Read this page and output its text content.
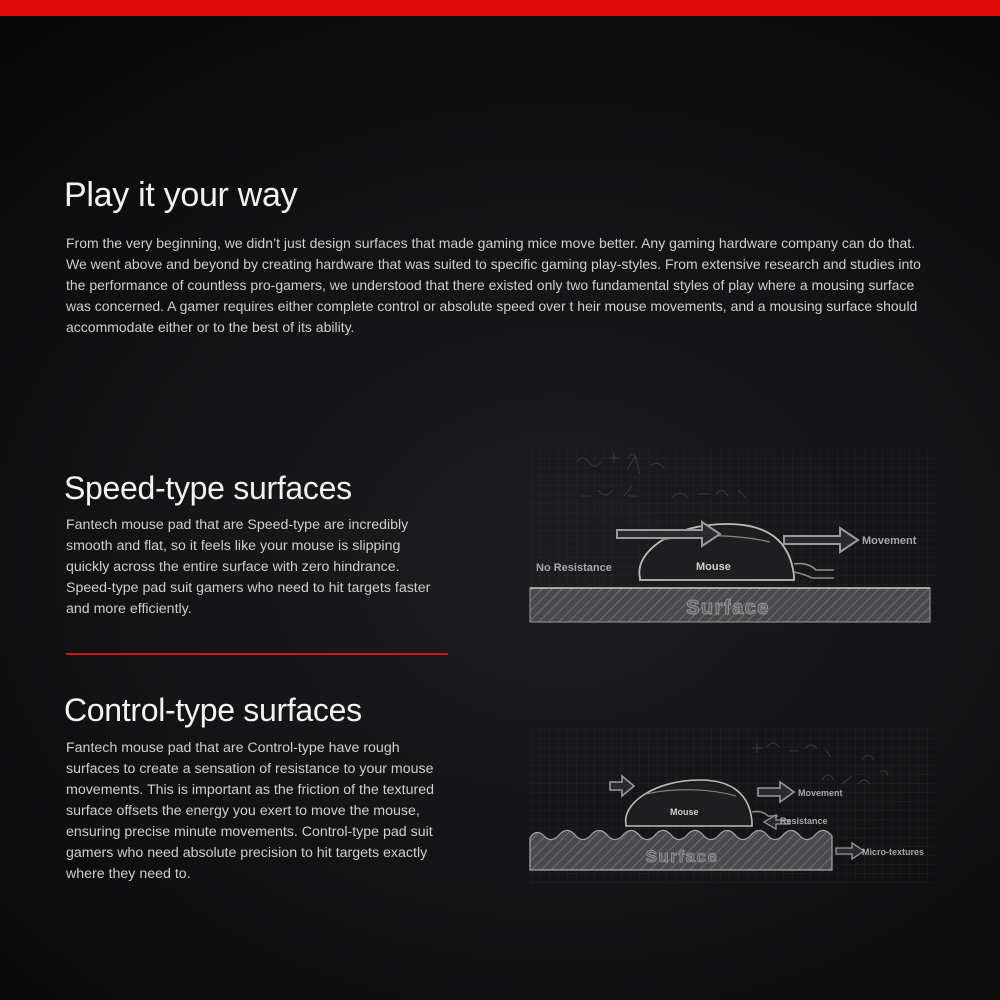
Play it your way

From the very beginning, we didn’t just design surfaces that made gaming mice move better. Any gaming hardware company can do that. We went above and beyond by creating hardware that was suited to specific gaming play-styles. From extensive research and studies into the performance of countless pro-gamers, we understood that there existed only two fundamental styles of play where a mousing surface was concerned. A gamer requires either complete control or absolute speed over t heir mouse movements, and a mousing surface should accommodate either or to the best of its ability.

Speed-type surfaces

Fantech mouse pad that are Speed-type are incredibly smooth and flat, so it feels like your mouse is slipping quickly across the entire surface with zero hindrance. Speed-type pad suit gamers who need to hit targets faster and more efficiently.

Control-type surfaces

Fantech mouse pad that are Control-type have rough surfaces to create a sensation of resistance to your mouse movements. This is important as the friction of the textured surface offsets the energy you exert to move the mouse, ensuring precise minute movements. Control-type pad suit gamers who need absolute precision to hit targets exactly where they need to.

Movement
No Resistance	Mouse
Surface
Movement
Resistance
Mouse
Surface	Micro-textures
